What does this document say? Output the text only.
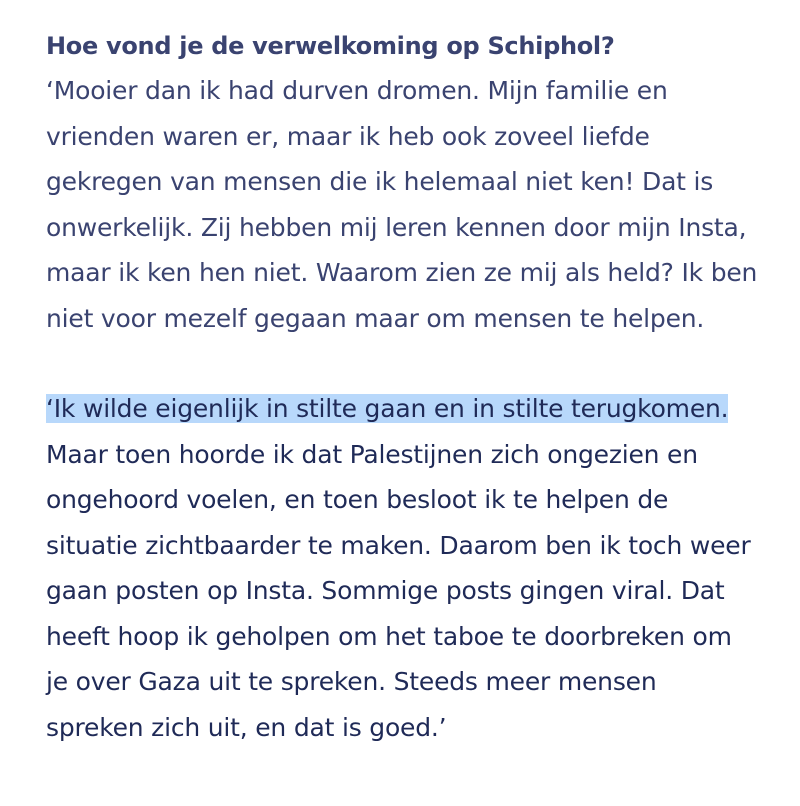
Hoe vond je de verwelkoming op Schiphol?

‘Mooier dan ik had durven dromen. Mijn familie en vrienden waren er, maar ik heb ook zoveel liefde gekregen van mensen die ik helemaal niet ken! Dat is onwerkelijk. Zij hebben mij leren kennen door mijn Insta, maar ik ken hen niet. Waarom zien ze mij als held? Ik ben niet voor mezelf gegaan maar om mensen te helpen.

‘Ik wilde eigenlijk in stilte gaan en in stilte terugkomen. Maar toen hoorde ik dat Palestijnen zich ongezien en ongehoord voelen, en toen besloot ik te helpen de situatie zichtbaarder te maken. Daarom ben ik toch weer gaan posten op Insta. Sommige posts gingen viral. Dat heeft hoop ik geholpen om het taboe te doorbreken om je over Gaza uit te spreken. Steeds meer mensen spreken zich uit, en dat is goed.’
